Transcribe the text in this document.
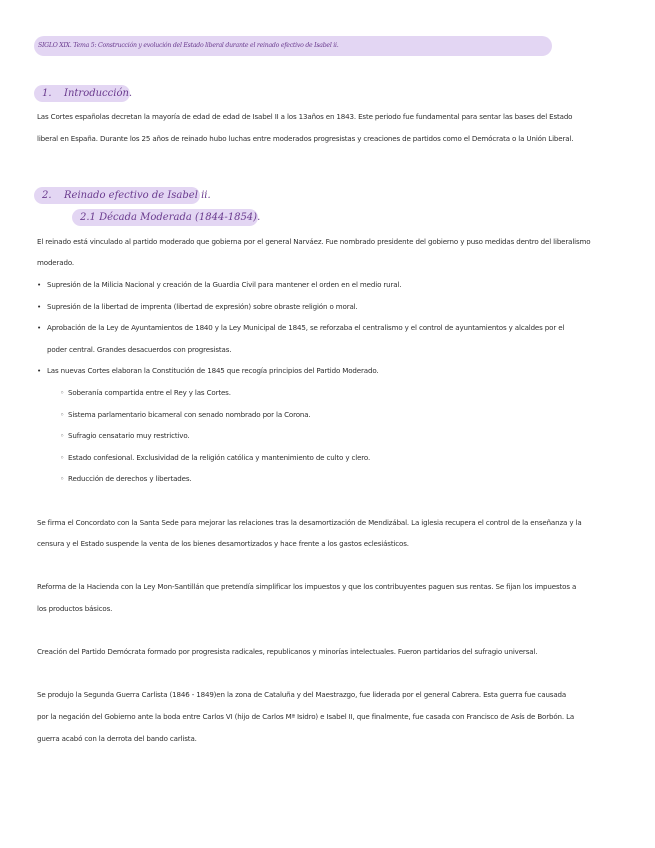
SIGLO XIX. Tema 5: Construcción y evolución del Estado liberal durante el reinado efectivo de Isabel ii.
1. Introducción.
Las Cortes españolas decretan la mayoría de edad de edad de Isabel II a los 13años en 1843. Este periodo fue fundamental para sentar las bases del Estado
liberal en España. Durante los 25 años de reinado hubo luchas entre moderados progresistas y creaciones de partidos como el Demócrata o la Unión Liberal.
2. Reinado efectivo de Isabel ii.
2.1 Década Moderada (1844-1854).
El reinado está vinculado al partido moderado que gobierna por el general Narváez. Fue nombrado presidente del gobierno y puso medidas dentro del liberalismo
moderado.
• Supresión de la Milicia Nacional y creación de la Guardia Civil para mantener el orden en el medio rural.
• Supresión de la libertad de imprenta (libertad de expresión) sobre obraste religión o moral.
• Aprobación de la Ley de Ayuntamientos de 1840 y la Ley Municipal de 1845, se reforzaba el centralismo y el control de ayuntamientos y alcaldes por el
poder central. Grandes desacuerdos con progresistas.
• Las nuevas Cortes elaboran la Constitución de 1845 que recogía principios del Partido Moderado.
◦ Soberanía compartida entre el Rey y las Cortes.
◦ Sistema parlamentario bicameral con senado nombrado por la Corona.
◦ Sufragio censatario muy restrictivo.
◦ Estado confesional. Exclusividad de la religión católica y mantenimiento de culto y clero.
◦ Reducción de derechos y libertades.
Se firma el Concordato con la Santa Sede para mejorar las relaciones tras la desamortización de Mendizábal. La iglesia recupera el control de la enseñanza y la
censura y el Estado suspende la venta de los bienes desamortizados y hace frente a los gastos eclesiásticos.
Reforma de la Hacienda con la Ley Mon-Santillán que pretendía simplificar los impuestos y que los contribuyentes paguen sus rentas. Se fijan los impuestos a
los productos básicos.
Creación del Partido Demócrata formado por progresista radicales, republicanos y minorías intelectuales. Fueron partidarios del sufragio universal.
Se produjo la Segunda Guerra Carlista (1846 - 1849)en la zona de Cataluña y del Maestrazgo, fue liderada por el general Cabrera. Esta guerra fue causada
por la negación del Gobierno ante la boda entre Carlos VI (hijo de Carlos Mª Isidro) e Isabel II, que finalmente, fue casada con Francisco de Asís de Borbón. La
guerra acabó con la derrota del bando carlista.
